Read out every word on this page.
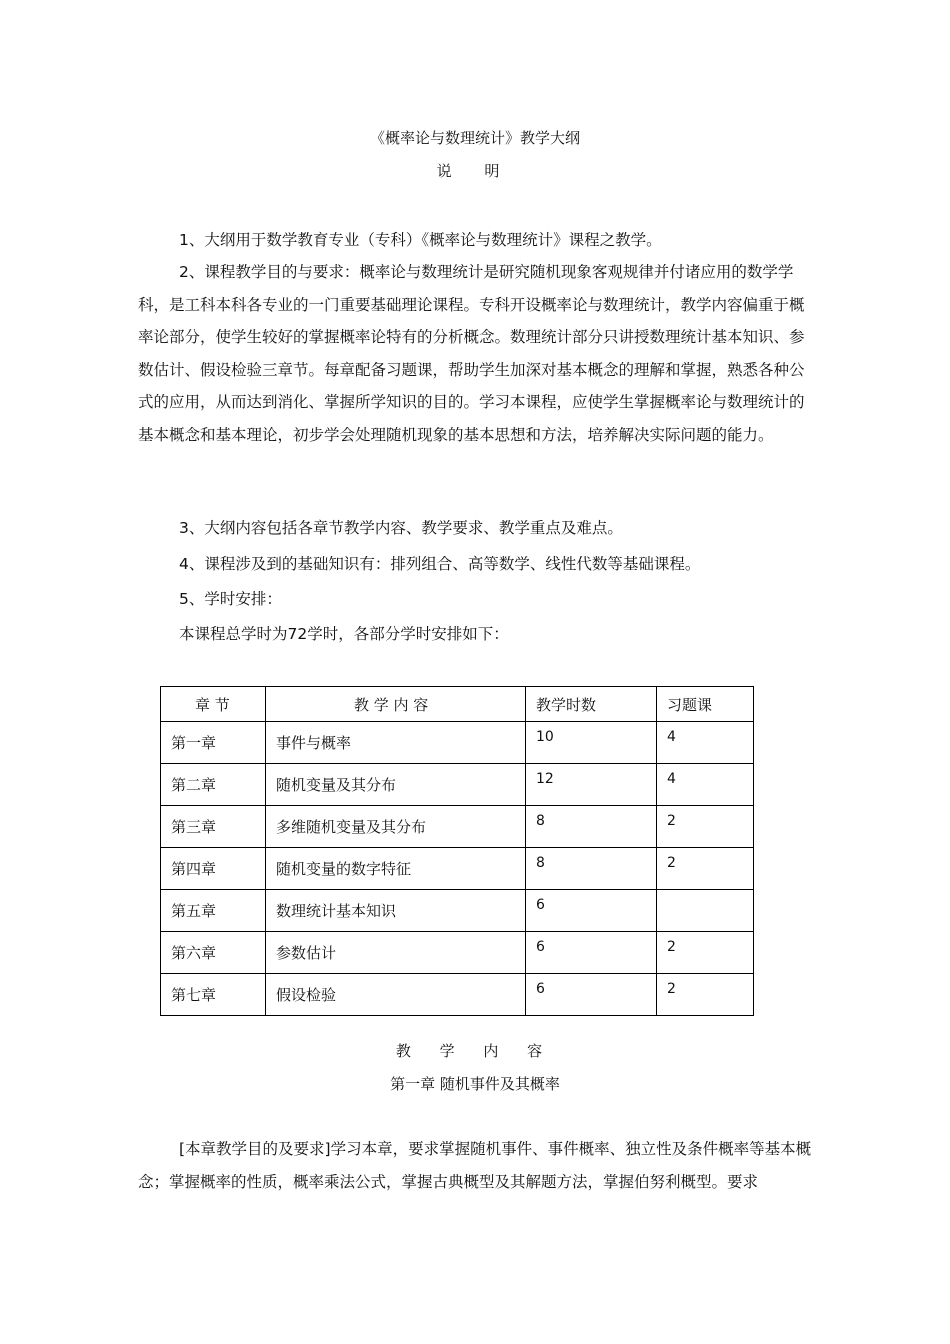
《概率论与数理统计》教学大纲
说 明
1、大纲用于数学教育专业（专科）《概率论与数理统计》课程之教学。
2、课程教学目的与要求：概率论与数理统计是研究随机现象客观规律并付诸应用的数学学科，是工科本科各专业的一门重要基础理论课程。专科开设概率论与数理统计，教学内容偏重于概率论部分，使学生较好的掌握概率论特有的分析概念。数理统计部分只讲授数理统计基本知识、参数估计、假设检验三章节。每章配备习题课，帮助学生加深对基本概念的理解和掌握，熟悉各种公式的应用，从而达到消化、掌握所学知识的目的。学习本课程，应使学生掌握概率论与数理统计的基本概念和基本理论，初步学会处理随机现象的基本思想和方法，培养解决实际问题的能力。
3、大纲内容包括各章节教学内容、教学要求、教学重点及难点。
4、课程涉及到的基础知识有：排列组合、高等数学、线性代数等基础课程。
5、学时安排：
本课程总学时为72学时，各部分学时安排如下：
章 节	教 学 内 容	教学时数	习题课
第一章	事件与概率	10	4
第二章	随机变量及其分布	12	4
第三章	多维随机变量及其分布	8	2
第四章	随机变量的数字特征	8	2
第五章	数理统计基本知识	6	
第六章	参数估计	6	2
第七章	假设检验	6	2
教 学 内 容
第一章 随机事件及其概率
[本章教学目的及要求]学习本章，要求掌握随机事件、事件概率、独立性及条件概率等基本概念；掌握概率的性质，概率乘法公式，掌握古典概型及其解题方法，掌握伯努利概型。要求
